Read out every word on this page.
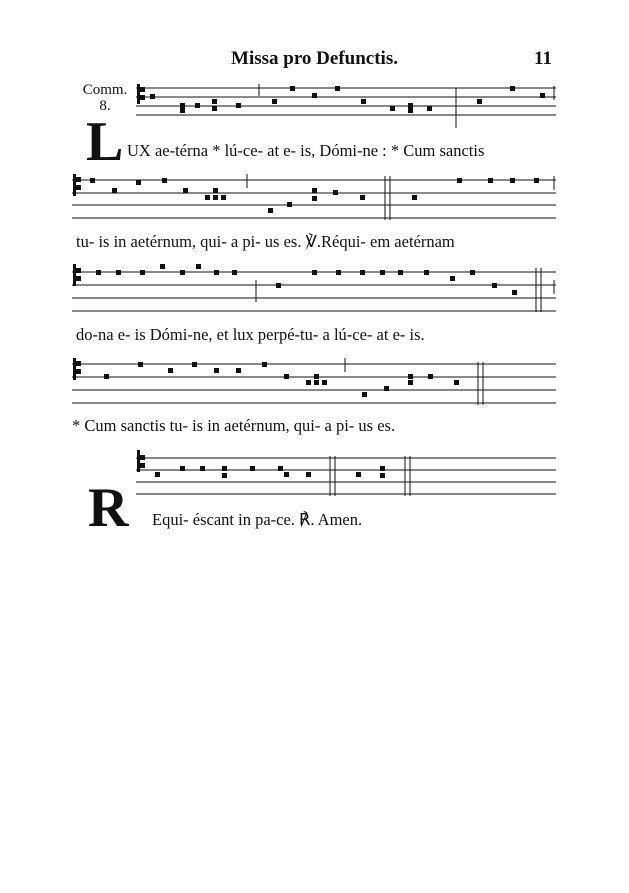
Missa pro Defunctis.	11
Comm.
8.
L UX ae-térna * lú-ce- at e- is, Dómi-ne : * Cum sanctis
tu- is in aetérnum, qui- a pi- us es. ℣.Réqui- em aetérnam
do-na e- is Dómi-ne, et lux perpé-tu- a lú-ce- at e- is.
* Cum sanctis tu- is in aetérnum, qui- a pi- us es.
R Equi- éscant in pa-ce. ℟. Amen.
